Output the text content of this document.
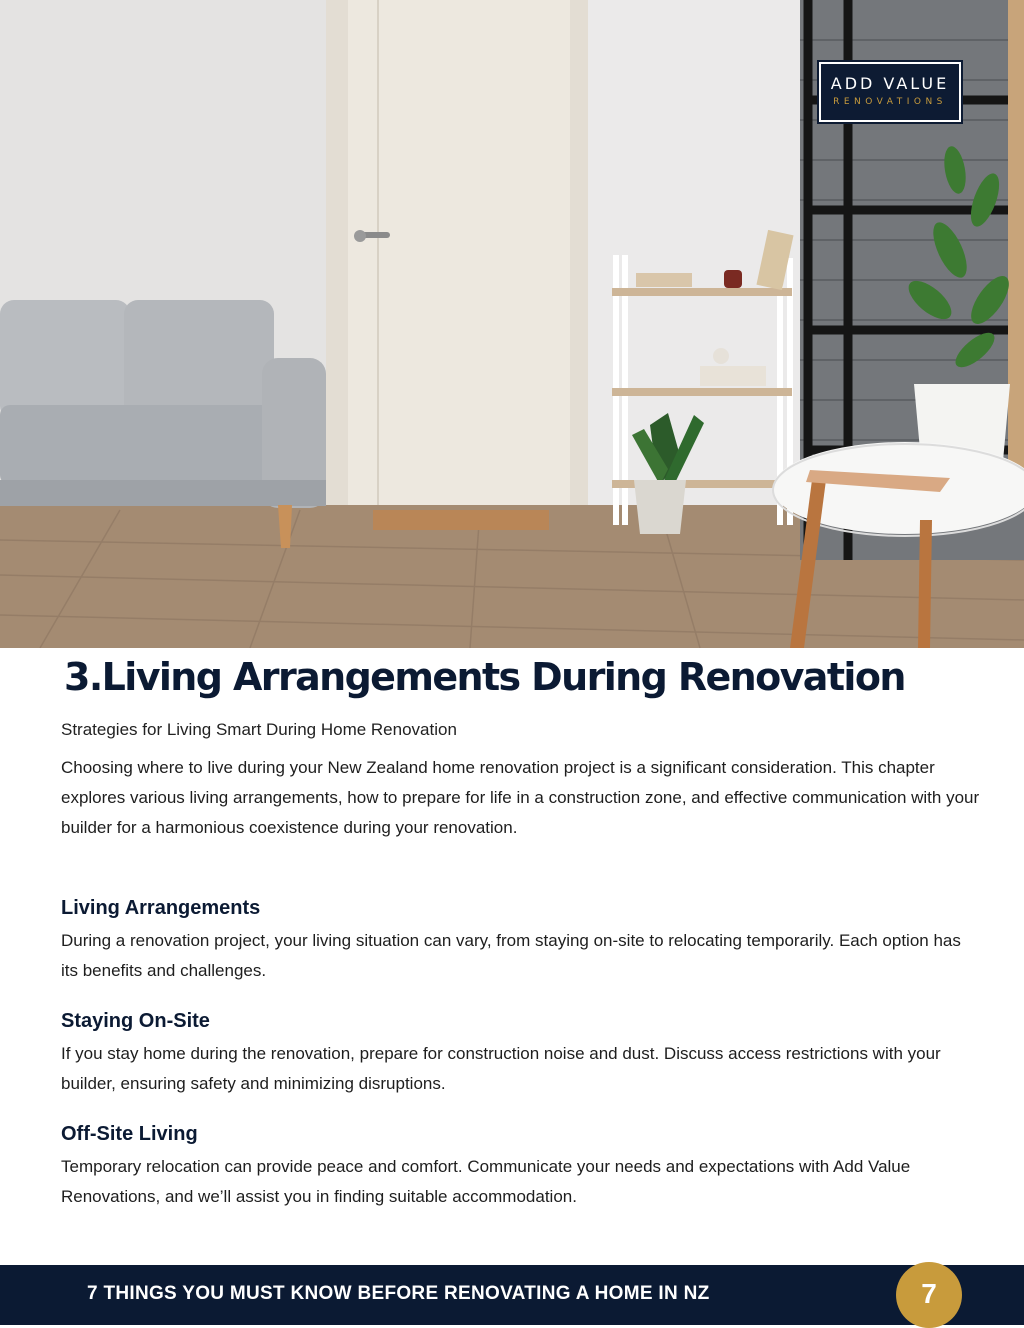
ADD VALUE
RENOVATIONS
3.Living Arrangements During Renovation
Strategies for Living Smart During Home Renovation
Choosing where to live during your New Zealand home renovation project is a significant consideration. This chapter explores various living arrangements, how to prepare for life in a construction zone, and effective communication with your builder for a harmonious coexistence during your renovation.
Living Arrangements
During a renovation project, your living situation can vary, from staying on-site to relocating temporarily. Each option has its benefits and challenges.
Staying On-Site
If you stay home during the renovation, prepare for construction noise and dust. Discuss access restrictions with your builder, ensuring safety and minimizing disruptions.
Off-Site Living
Temporary relocation can provide peace and comfort. Communicate your needs and expectations with Add Value Renovations, and we’ll assist you in finding suitable accommodation.
7 THINGS YOU MUST KNOW BEFORE RENOVATING A HOME IN NZ	7
